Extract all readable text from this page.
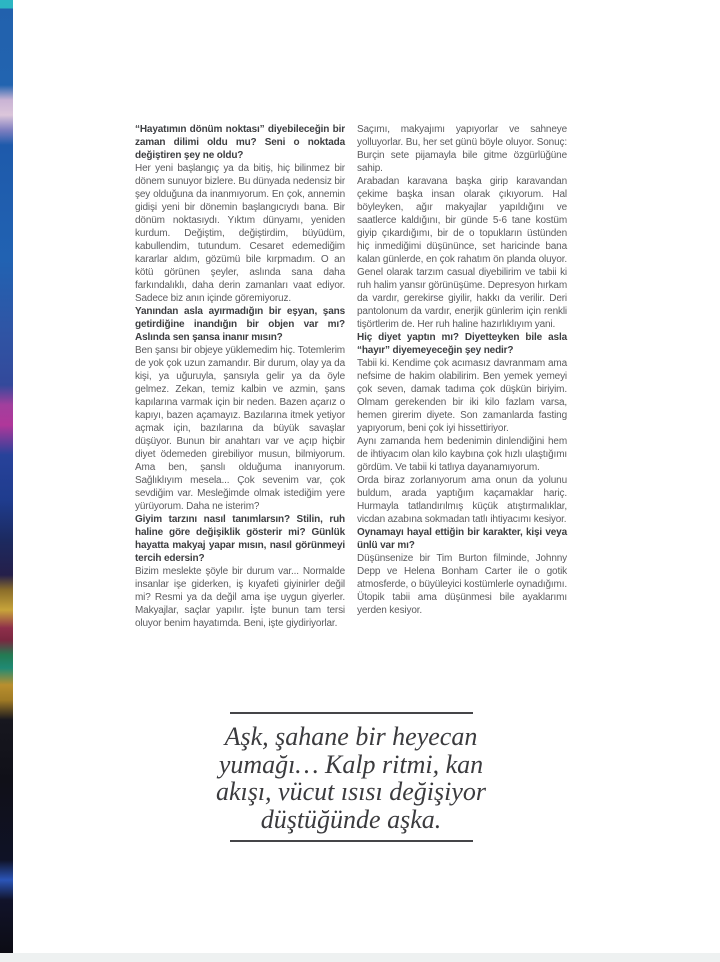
“Hayatımın dönüm noktası” diyebileceğin bir zaman dilimi oldu mu? Seni o noktada değiştiren şey ne oldu?

Her yeni başlangıç ya da bitiş, hiç bilinmez bir dönem sunuyor bizlere. Bu dünyada nedensiz bir şey olduğuna da inanmıyorum. En çok, annemin gidişi yeni bir dönemin başlangıcıydı bana. Bir dönüm noktasıydı. Yıktım dünyamı, yeniden kurdum. Değiştim, değiştirdim, büyüdüm, kabullendim, tutundum. Cesaret edemediğim kararlar aldım, gözümü bile kırpmadım. O an kötü görünen şeyler, aslında sana daha farkındalıklı, daha derin zamanları vaat ediyor. Sadece biz anın içinde göremiyoruz.

Yanından asla ayırmadığın bir eşyan, şans getirdiğine inandığın bir objen var mı? Aslında sen şansa inanır mısın?

Ben şansı bir objeye yüklemedim hiç. Totemlerim de yok çok uzun zamandır. Bir durum, olay ya da kişi, ya uğuruyla, şansıyla gelir ya da öyle gelmez. Zekan, temiz kalbin ve azmin, şans kapılarına varmak için bir neden. Bazen açarız o kapıyı, bazen açamayız. Bazılarına itmek yetiyor açmak için, bazılarına da büyük savaşlar düşüyor. Bunun bir anahtarı var ve açıp hiçbir diyet ödemeden girebiliyor musun, bilmiyorum. Ama ben, şanslı olduğuma inanıyorum. Sağlıklıyım mesela... Çok sevenim var, çok sevdiğim var. Mesleğimde olmak istediğim yere yürüyorum. Daha ne isterim?

Giyim tarzını nasıl tanımlarsın? Stilin, ruh haline göre değişiklik gösterir mi? Günlük hayatta makyaj yapar mısın, nasıl görünmeyi tercih edersin?

Bizim meslekte şöyle bir durum var... Normalde insanlar işe giderken, iş kıyafeti giyinirler değil mi? Resmi ya da değil ama işe uygun giyerler. Makyajlar, saçlar yapılır. İşte bunun tam tersi oluyor benim hayatımda. Beni, işte giydiriyorlar.

Saçımı, makyajımı yapıyorlar ve sahneye yolluyorlar. Bu, her set günü böyle oluyor. Sonuç: Burçin sete pijamayla bile gitme özgürlüğüne sahip.

Arabadan karavana başka girip karavandan çekime başka insan olarak çıkıyorum. Hal böyleyken, ağır makyajlar yapıldığını ve saatlerce kaldığını, bir günde 5-6 tane kostüm giyip çıkardığımı, bir de o topukların üstünden hiç inmediğimi düşününce, set haricinde bana kalan günlerde, en çok rahatım ön planda oluyor. Genel olarak tarzım casual diyebilirim ve tabii ki ruh halim yansır görünüşüme. Depresyon hırkam da vardır, gerekirse giyilir, hakkı da verilir. Deri pantolonum da vardır, enerjik günlerim için renkli tişörtlerim de. Her ruh haline hazırlıklıyım yani.

Hiç diyet yaptın mı? Diyetteyken bile asla “hayır” diyemeyeceğin şey nedir?

Tabii ki. Kendime çok acımasız davranmam ama nefsime de hakim olabilirim. Ben yemek yemeyi çok seven, damak tadıma çok düşkün biriyim. Olmam gerekenden bir iki kilo fazlam varsa, hemen girerim diyete. Son zamanlarda fasting yapıyorum, beni çok iyi hissettiriyor.

Aynı zamanda hem bedenimin dinlendiğini hem de ihtiyacım olan kilo kaybına çok hızlı ulaştığımı gördüm. Ve tabii ki tatlıya dayanamıyorum.

Orda biraz zorlanıyorum ama onun da yolunu buldum, arada yaptığım kaçamaklar hariç. Hurmayla tatlandırılmış küçük atıştırmalıklar, vicdan azabına sokmadan tatlı ihtiyacımı kesiyor.

Oynamayı hayal ettiğin bir karakter, kişi veya ünlü var mı?

Düşünsenize bir Tim Burton filminde, Johnny Depp ve Helena Bonham Carter ile o gotik atmosferde, o büyüleyici kostümlerle oynadığımı. Ütopik tabii ama düşünmesi bile ayaklarımı yerden kesiyor.

Aşk, şahane bir heyecan
yumağı… Kalp ritmi, kan
akışı, vücut ısısı değişiyor
düştüğünde aşka.
